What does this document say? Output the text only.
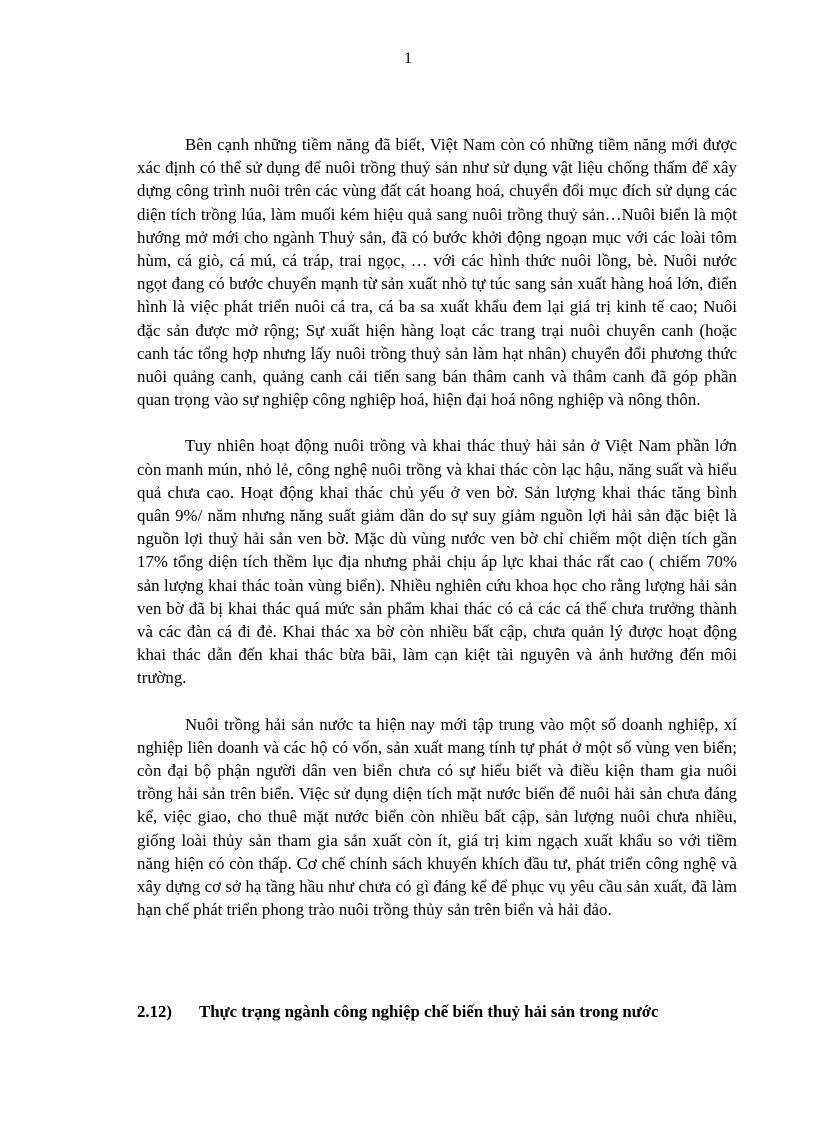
1

Bên cạnh những tiềm năng đã biết, Việt Nam còn có những tiềm năng mới được xác định có thể sử dụng để nuôi trồng thuỷ sản như sử dụng vật liệu chống thấm để xây dựng công trình nuôi trên các vùng đất cát hoang hoá, chuyển đổi mục đích sử dụng các diện tích trồng lúa, làm muối kém hiệu quả sang nuôi trồng thuỷ sản…Nuôi biển là một hướng mở mới cho ngành Thuỷ sản, đã có bước khởi động ngoạn mục với các loài tôm hùm, cá giò, cá mú, cá tráp, trai ngọc, … với các hình thức nuôi lồng, bè. Nuôi nước ngọt đang có bước chuyển mạnh từ sản xuất nhỏ tự túc sang sản xuất hàng hoá lớn, điển hình là việc phát triển nuôi cá tra, cá ba sa xuất khẩu đem lại giá trị kinh tế cao; Nuôi đặc sản được mở rộng; Sự xuất hiện hàng loạt các trang trại nuôi chuyên canh (hoặc canh tác tổng hợp nhưng lấy nuôi trồng thuỷ sản làm hạt nhân) chuyển đổi phương thức nuôi quảng canh, quảng canh cải tiến sang bán thâm canh và thâm canh đã góp phần quan trọng vào sự nghiệp công nghiệp hoá, hiện đại hoá nông nghiệp và nông thôn.

Tuy nhiên hoạt động nuôi trồng và khai thác thuỷ hải sản ở Việt Nam phần lớn còn manh mún, nhỏ lẻ, công nghệ nuôi trồng và khai thác còn lạc hậu, năng suất và hiểu quả chưa cao. Hoạt động khai thác chủ yếu ở ven bờ. Sản lượng khai thác tăng bình quân 9%/ năm nhưng năng suất giảm dần do sự suy giảm nguồn lợi hải sản đặc biệt là nguồn lợi thuỷ hải sản ven bờ. Mặc dù vùng nước ven bờ chỉ chiếm một diện tích gần 17% tổng diện tích thềm lục địa nhưng phải chịu áp lực khai thác rất cao ( chiếm 70% sản lượng khai thác toàn vùng biển). Nhiều nghiên cứu khoa học cho rằng lượng hải sản ven bờ đã bị khai thác quá mức sản phẩm khai thác có cả các cá thể chưa trưởng thành và các đàn cá đi đẻ. Khai thác xa bờ còn nhiều bất cập, chưa quản lý được hoạt động khai thác dẫn đến khai thác bừa bãi, làm cạn kiệt tài nguyên và ảnh hưởng đến môi trường.

Nuôi trồng hải sản nước ta hiện nay mới tập trung vào một số doanh nghiệp, xí nghiệp liên doanh và các hộ có vốn, sản xuất mang tính tự phát ở một số vùng ven biển; còn đại bộ phận người dân ven biển chưa có sự hiểu biết và điều kiện tham gia nuôi trồng hải sản trên biển. Việc sử dụng diện tích mặt nước biển để nuôi hải sản chưa đáng kể, việc giao, cho thuê mặt nước biển còn nhiều bất cập, sản lượng nuôi chưa nhiều, giống loài thủy sản tham gia sản xuất còn ít, giá trị kim ngạch xuất khẩu so với tiềm năng hiện có còn thấp. Cơ chế chính sách khuyến khích đầu tư, phát triển công nghệ và xây dựng cơ sở hạ tầng hầu như chưa có gì đáng kể để phục vụ yêu cầu sản xuất, đã làm hạn chế phát triển phong trào nuôi trồng thủy sản trên biển và hải đảo.

2.12) Thực trạng ngành công nghiệp chế biến thuỷ hải sản trong nước
